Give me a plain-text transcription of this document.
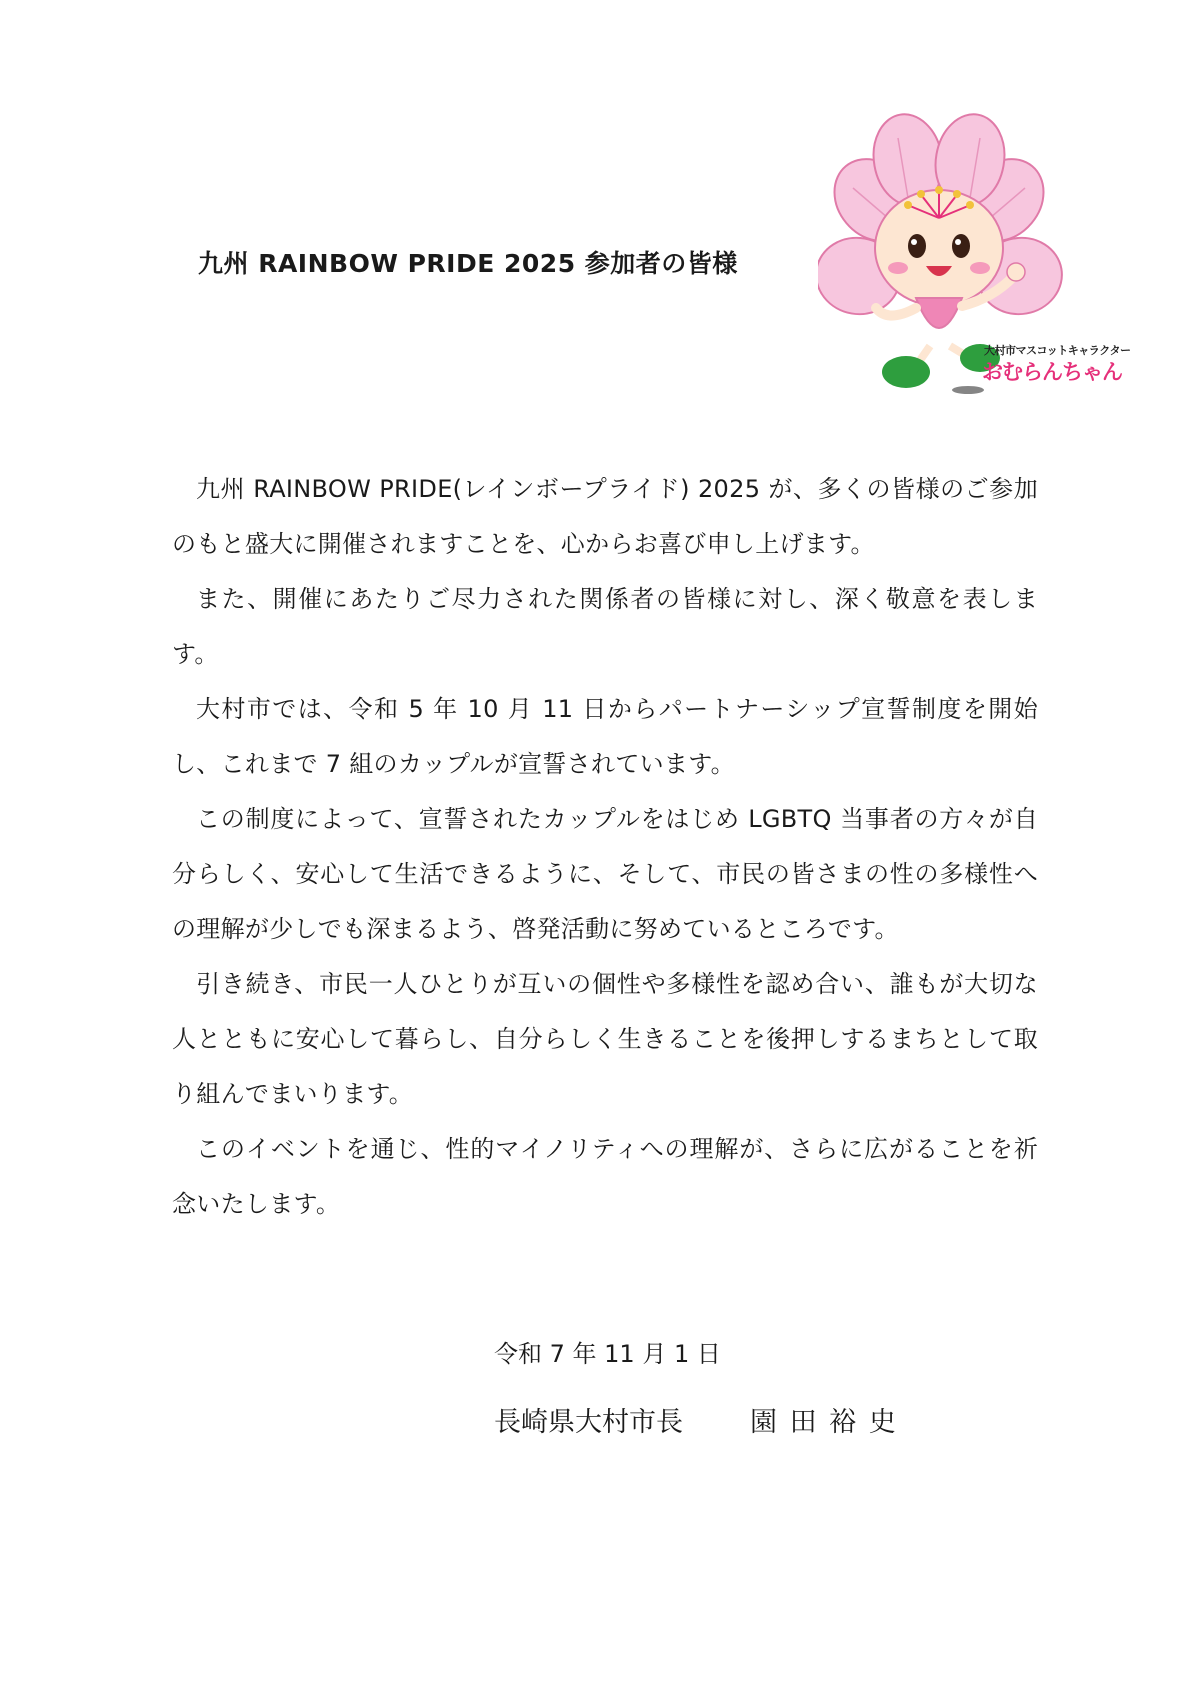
九州 RAINBOW PRIDE 2025 参加者の皆様
大村市マスコットキャラクター
おむらんちゃん

九州 RAINBOW PRIDE(レインボープライド) 2025 が、多くの皆様のご参加のもと盛大に開催されますことを、心からお喜び申し上げます。

また、開催にあたりご尽力された関係者の皆様に対し、深く敬意を表します。

大村市では、令和 5 年 10 月 11 日からパートナーシップ宣誓制度を開始し、これまで 7 組のカップルが宣誓されています。

この制度によって、宣誓されたカップルをはじめ LGBTQ 当事者の方々が自分らしく、安心して生活できるように、そして、市民の皆さまの性の多様性への理解が少しでも深まるよう、啓発活動に努めているところです。

引き続き、市民一人ひとりが互いの個性や多様性を認め合い、誰もが大切な人とともに安心して暮らし、自分らしく生きることを後押しするまちとして取り組んでまいります。

このイベントを通じ、性的マイノリティへの理解が、さらに広がることを祈念いたします。

令和 7 年 11 月 1 日
長崎県大村市長 園 田 裕 史
